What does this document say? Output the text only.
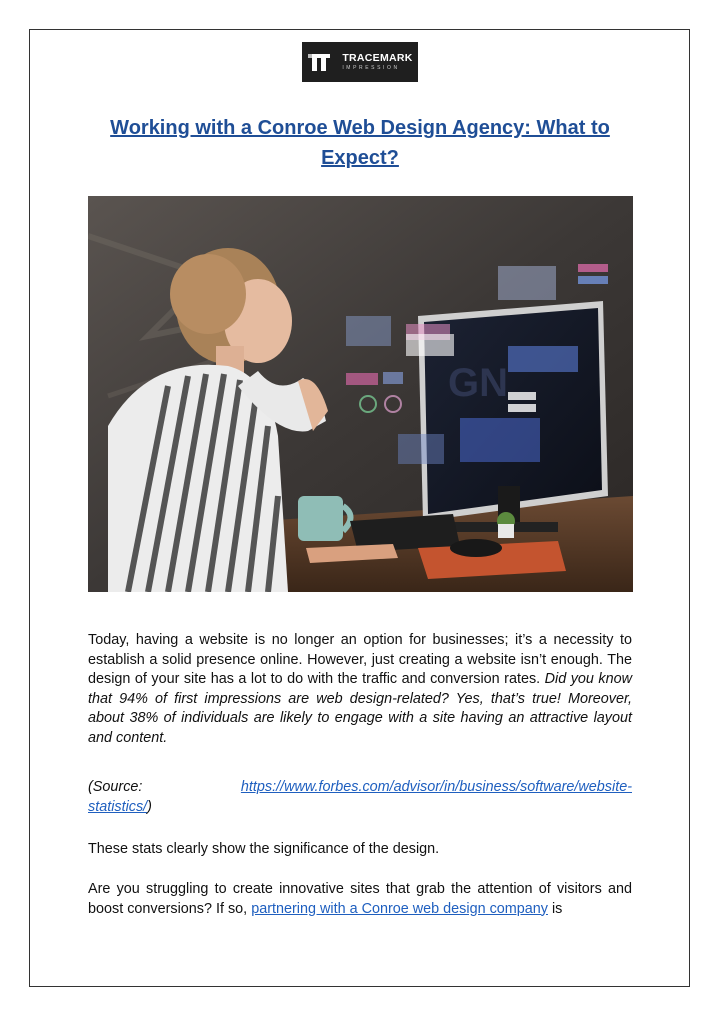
TRACEMARK
IMPRESSION
Working with a Conroe Web Design Agency: What to Expect?
GN

Today, having a website is no longer an option for businesses; it’s a necessity to establish a solid presence online. However, just creating a website isn’t enough. The design of your site has a lot to do with the traffic and conversion rates. Did you know that 94% of first impressions are web design-related? Yes, that’s true! Moreover, about 38% of individuals are likely to engage with a site having an attractive layout and content.

(Source:	https://www.forbes.com/advisor/in/business/software/website-
statistics/)

These stats clearly show the significance of the design.

Are you struggling to create innovative sites that grab the attention of visitors and boost conversions? If so, partnering with a Conroe web design company is
